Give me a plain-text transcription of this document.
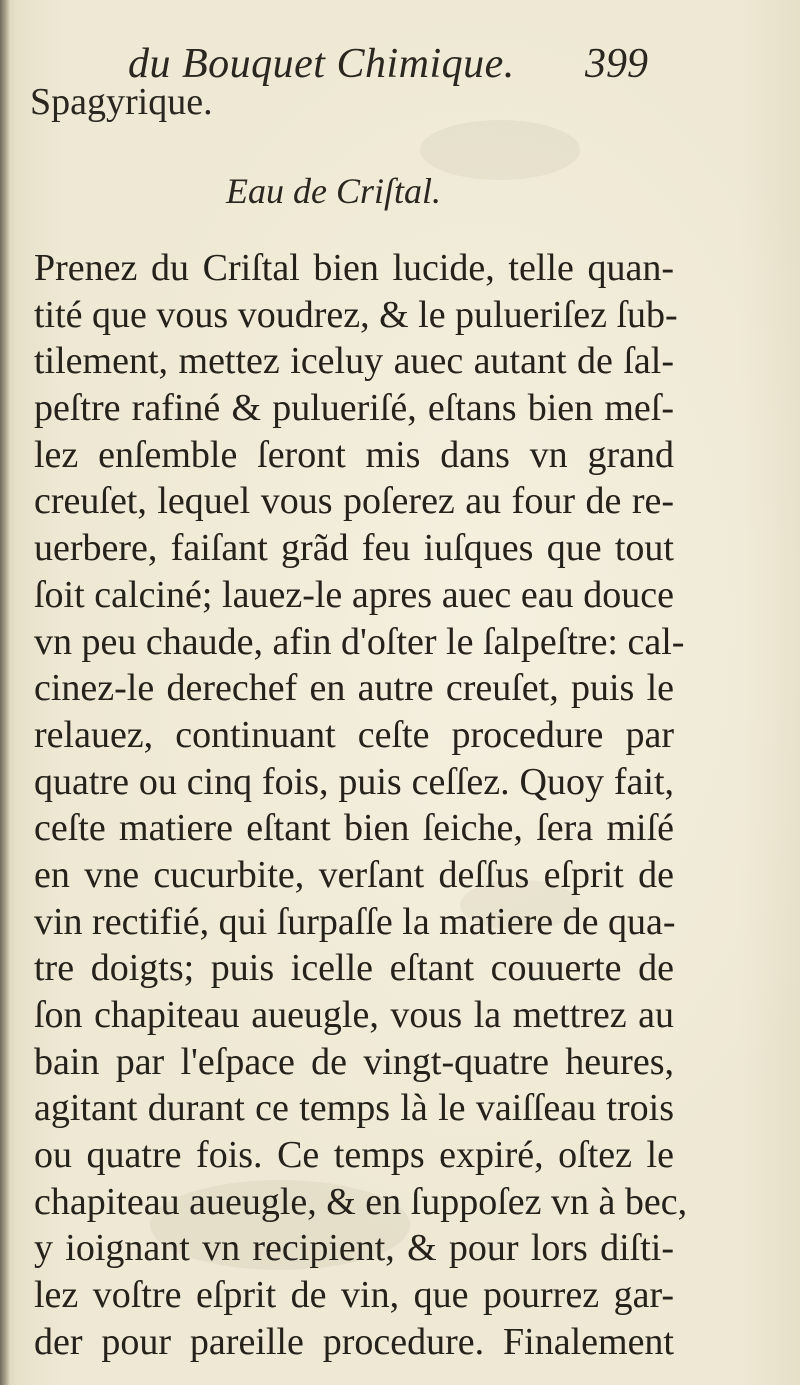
du Bouquet Chimique. 399
Spagyrique.
Eau de Criſtal.
Prenez du Criſtal bien lucide, telle quan-
tité que vous voudrez, & le pulueriſez ſub-
tilement, mettez iceluy auec autant de ſal-
peſtre rafiné & pulueriſé, eſtans bien meſ-
lez enſemble ſeront mis dans vn grand
creuſet, lequel vous poſerez au four de re-
uerbere, faiſant grãd feu iuſques que tout
ſoit calciné; lauez-le apres auec eau douce
vn peu chaude, afin d'oſter le ſalpeſtre: cal-
cinez-le derechef en autre creuſet, puis le
relauez, continuant ceſte procedure par
quatre ou cinq fois, puis ceſſez. Quoy fait,
ceſte matiere eſtant bien ſeiche, ſera miſé
en vne cucurbite, verſant deſſus eſprit de
vin rectifié, qui ſurpaſſe la matiere de qua-
tre doigts; puis icelle eſtant couuerte de
ſon chapiteau aueugle, vous la mettrez au
bain par l'eſpace de vingt-quatre heures,
agitant durant ce temps là le vaiſſeau trois
ou quatre fois. Ce temps expiré, oſtez le
chapiteau aueugle, & en ſuppoſez vn à bec,
y ioignant vn recipient, & pour lors diſti-
lez voſtre eſprit de vin, que pourrez gar-
der pour pareille procedure. Finalement
